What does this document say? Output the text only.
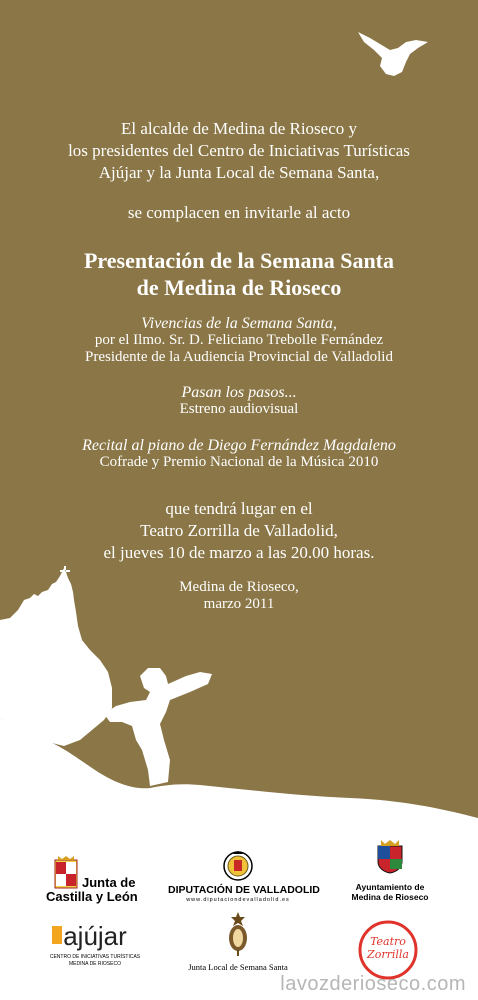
El alcalde de Medina de Rioseco y
los presidentes del Centro de Iniciativas Turísticas
Ajújar y la Junta Local de Semana Santa,
se complacen en invitarle al acto
Presentación de la Semana Santa
de Medina de Rioseco
Vivencias de la Semana Santa,
por el Ilmo. Sr. D. Feliciano Trebolle Fernández
Presidente de la Audiencia Provincial de Valladolid
Pasan los pasos...
Estreno audiovisual
Recital al piano de Diego Fernández Magdaleno
Cofrade y Premio Nacional de la Música 2010
que tendrá lugar en el
Teatro Zorrilla de Valladolid,
el jueves 10 de marzo a las 20.00 horas.
Medina de Rioseco,
marzo 2011
Junta de
Castilla y León	DIPUTACIÓN DE VALLADOLID
www.diputaciondevalladolid.es
Ayuntamiento de
Medina de Rioseco
ajújar
CENTRO DE INICIATIVAS TURÍSTICAS
MEDINA DE RIOSECO	Junta Local de Semana Santa
Teatro
Zorrilla
lavozderioseco.com
